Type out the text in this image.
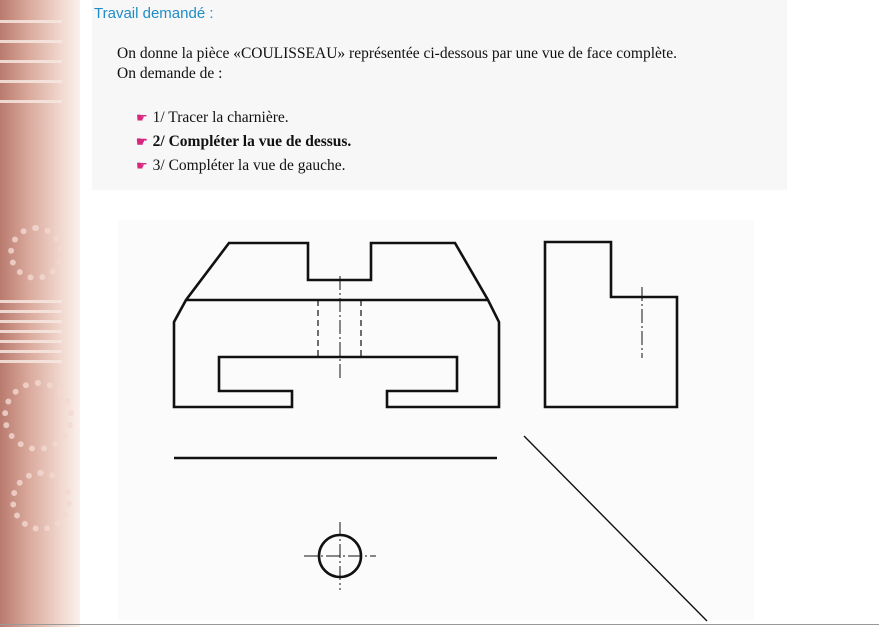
Travail demandé :
On donne la pièce «COULISSEAU» représentée ci-dessous par une vue de face complète.
On demande de :
☛ 1/ Tracer la charnière.
☛ 2/ Compléter la vue de dessus.
☛ 3/ Compléter la vue de gauche.
